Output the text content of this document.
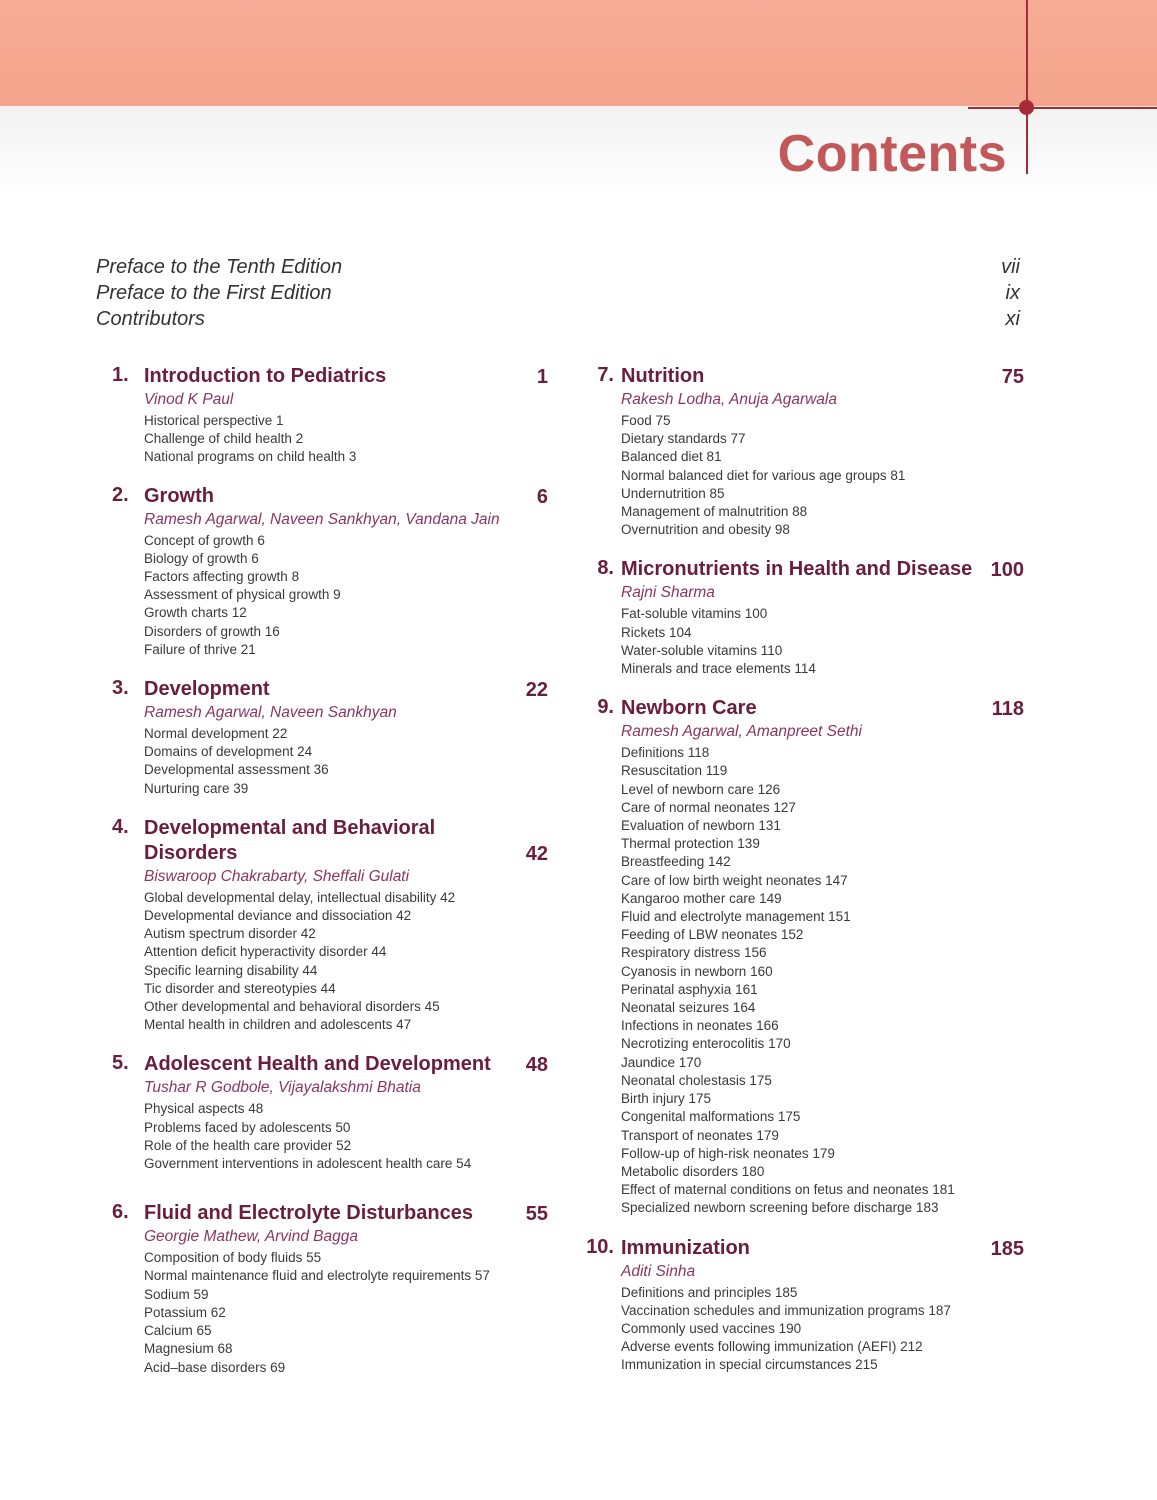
Contents
Preface to the Tenth Edition	vii
Preface to the First Edition	ix
Contributors	xi
1. Introduction to Pediatrics	1
Vinod K Paul
Historical perspective 1
Challenge of child health 2
National programs on child health 3
2. Growth	6
Ramesh Agarwal, Naveen Sankhyan, Vandana Jain
Concept of growth 6
Biology of growth 6
Factors affecting growth 8
Assessment of physical growth 9
Growth charts 12
Disorders of growth 16
Failure of thrive 21
3. Development	22
Ramesh Agarwal, Naveen Sankhyan
Normal development 22
Domains of development 24
Developmental assessment 36
Nurturing care 39
4. Developmental and Behavioral Disorders	42
Biswaroop Chakrabarty, Sheffali Gulati
Global developmental delay, intellectual disability 42
Developmental deviance and dissociation 42
Autism spectrum disorder 42
Attention deficit hyperactivity disorder 44
Specific learning disability 44
Tic disorder and stereotypies 44
Other developmental and behavioral disorders 45
Mental health in children and adolescents 47
5. Adolescent Health and Development	48
Tushar R Godbole, Vijayalakshmi Bhatia
Physical aspects 48
Problems faced by adolescents 50
Role of the health care provider 52
Government interventions in adolescent health care 54
6. Fluid and Electrolyte Disturbances	55
Georgie Mathew, Arvind Bagga
Composition of body fluids 55
Normal maintenance fluid and electrolyte requirements 57
Sodium 59
Potassium 62
Calcium 65
Magnesium 68
Acid–base disorders 69
7. Nutrition	75
Rakesh Lodha, Anuja Agarwala
Food 75
Dietary standards 77
Balanced diet 81
Normal balanced diet for various age groups 81
Undernutrition 85
Management of malnutrition 88
Overnutrition and obesity 98
8. Micronutrients in Health and Disease 100
Rajni Sharma
Fat-soluble vitamins 100
Rickets 104
Water-soluble vitamins 110
Minerals and trace elements 114
9. Newborn Care	118
Ramesh Agarwal, Amanpreet Sethi
Definitions 118
Resuscitation 119
Level of newborn care 126
Care of normal neonates 127
Evaluation of newborn 131
Thermal protection 139
Breastfeeding 142
Care of low birth weight neonates 147
Kangaroo mother care 149
Fluid and electrolyte management 151
Feeding of LBW neonates 152
Respiratory distress 156
Cyanosis in newborn 160
Perinatal asphyxia 161
Neonatal seizures 164
Infections in neonates 166
Necrotizing enterocolitis 170
Jaundice 170
Neonatal cholestasis 175
Birth injury 175
Congenital malformations 175
Transport of neonates 179
Follow-up of high-risk neonates 179
Metabolic disorders 180
Effect of maternal conditions on fetus and neonates 181
Specialized newborn screening before discharge 183
10. Immunization	185
Aditi Sinha
Definitions and principles 185
Vaccination schedules and immunization programs 187
Commonly used vaccines 190
Adverse events following immunization (AEFI) 212
Immunization in special circumstances 215
